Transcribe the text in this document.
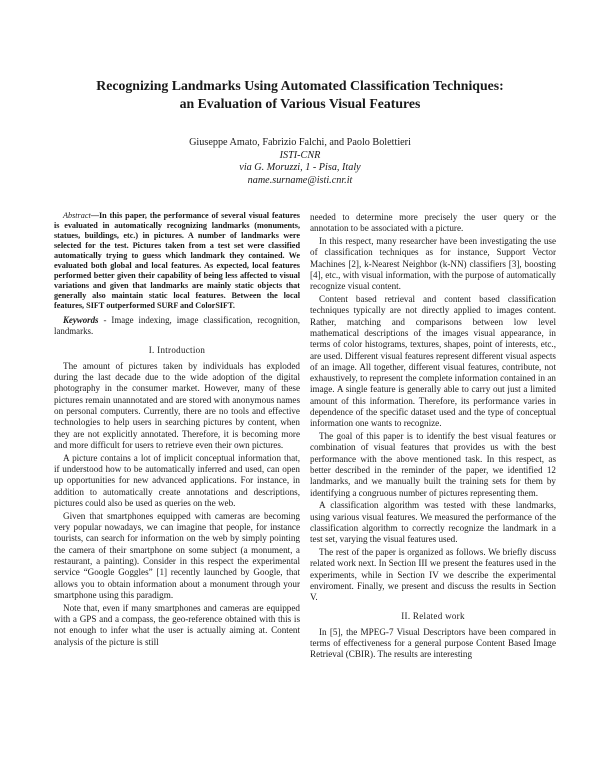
Recognizing Landmarks Using Automated Classification Techniques:
an Evaluation of Various Visual Features
Giuseppe Amato, Fabrizio Falchi, and Paolo Bolettieri
ISTI-CNR
via G. Moruzzi, 1 - Pisa, Italy
name.surname@isti.cnr.it

Abstract—In this paper, the performance of several visual features is evaluated in automatically recognizing landmarks (monuments, statues, buildings, etc.) in pictures. A number of landmarks were selected for the test. Pictures taken from a test set were classified automatically trying to guess which landmark they contained. We evaluated both global and local features. As expected, local features performed better given their capability of being less affected to visual variations and given that landmarks are mainly static objects that generally also maintain static local features. Between the local features, SIFT outperformed SURF and ColorSIFT.

Keywords - Image indexing, image classification, recognition, landmarks.

I. Introduction

The amount of pictures taken by individuals has exploded during the last decade due to the wide adoption of the digital photography in the consumer market. However, many of these pictures remain unannotated and are stored with anonymous names on personal computers. Currently, there are no tools and effective technologies to help users in searching pictures by content, when they are not explicitly annotated. Therefore, it is becoming more and more difficult for users to retrieve even their own pictures.

A picture contains a lot of implicit conceptual information that, if understood how to be automatically inferred and used, can open up opportunities for new advanced applications. For instance, in addition to automatically create annotations and descriptions, pictures could also be used as queries on the web.

Given that smartphones equipped with cameras are becoming very popular nowadays, we can imagine that people, for instance tourists, can search for information on the web by simply pointing the camera of their smartphone on some subject (a monument, a restaurant, a painting). Consider in this respect the experimental service “Google Goggles” [1] recently launched by Google, that allows you to obtain information about a monument through your smartphone using this paradigm.

Note that, even if many smartphones and cameras are equipped with a GPS and a compass, the geo-reference obtained with this is not enough to infer what the user is actually aiming at. Content analysis of the picture is still

needed to determine more precisely the user query or the annotation to be associated with a picture.

In this respect, many researcher have been investigating the use of classification techniques as for instance, Support Vector Machines [2], k-Nearest Neighbor (k-NN) classifiers [3], boosting [4], etc., with visual information, with the purpose of automatically recognize visual content.

Content based retrieval and content based classification techniques typically are not directly applied to images content. Rather, matching and comparisons between low level mathematical descriptions of the images visual appearance, in terms of color histograms, textures, shapes, point of interests, etc., are used. Different visual features represent different visual aspects of an image. All together, different visual features, contribute, not exhaustively, to represent the complete information contained in an image. A single feature is generally able to carry out just a limited amount of this information. Therefore, its performance varies in dependence of the specific dataset used and the type of conceptual information one wants to recognize.

The goal of this paper is to identify the best visual features or combination of visual features that provides us with the best performance with the above mentioned task. In this respect, as better described in the reminder of the paper, we identified 12 landmarks, and we manually built the training sets for them by identifying a congruous number of pictures representing them.

A classification algorithm was tested with these landmarks, using various visual features. We measured the performance of the classification algorithm to correctly recognize the landmark in a test set, varying the visual features used.

The rest of the paper is organized as follows. We briefly discuss related work next. In Section III we present the features used in the experiments, while in Section IV we describe the experimental enviroment. Finally, we present and discuss the results in Section V.

II. Related work

In [5], the MPEG-7 Visual Descriptors have been compared in terms of effectiveness for a general purpose Content Based Image Retrieval (CBIR). The results are interesting
